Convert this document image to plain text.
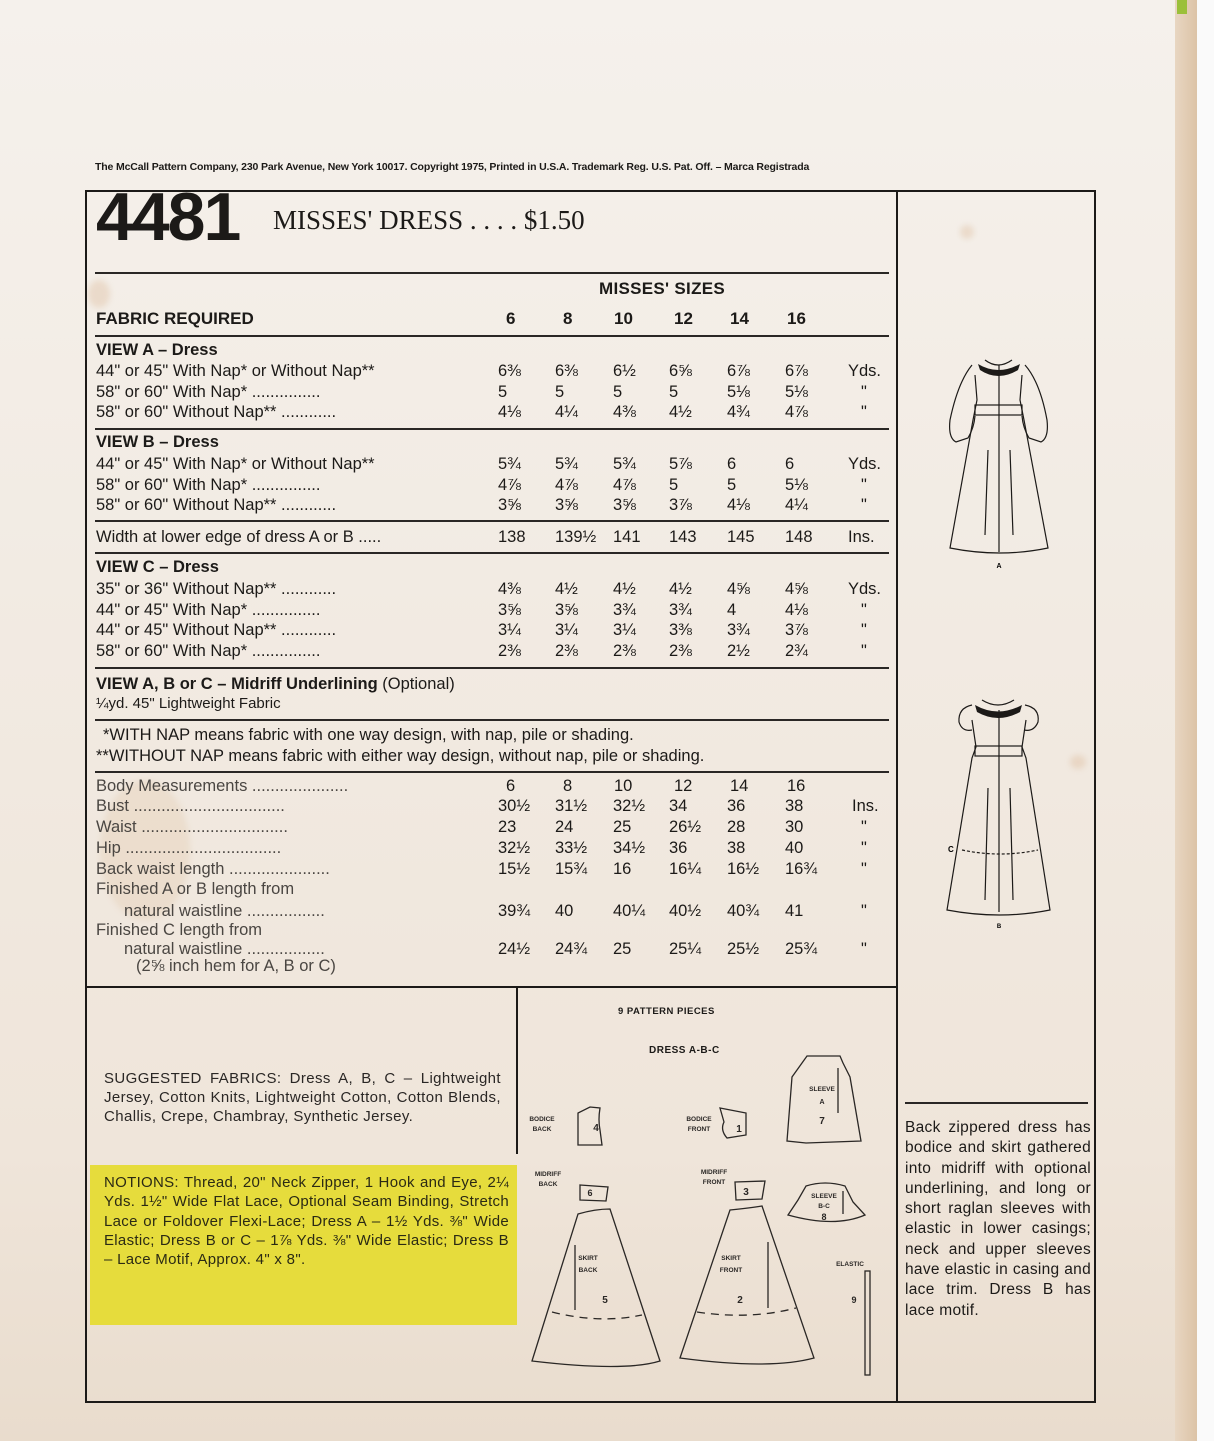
The McCall Pattern Company, 230 Park Avenue, New York 10017. Copyright 1975, Printed in U.S.A. Trademark Reg. U.S. Pat. Off. – Marca Registrada
4481 MISSES' DRESS . . . . $1.50
MISSES' SIZES
FABRIC REQUIRED	6	8	10	12	14	16
VIEW A – Dress
44" or 45" With Nap* or Without Nap**	6⅜	6⅜	6½	6⅝	6⅞	6⅞	Yds.
58" or 60" With Nap* ...............	5	5	5	5	5⅛	5⅛	"
58" or 60" Without Nap** ............	4⅛	4¼	4⅜	4½	4¾	4⅞	"
VIEW B – Dress
44" or 45" With Nap* or Without Nap**	5¾	5¾	5¾	5⅞	6	6	Yds.
58" or 60" With Nap* ...............	4⅞	4⅞	4⅞	5	5	5⅛	"
58" or 60" Without Nap** ............	3⅝	3⅝	3⅝	3⅞	4⅛	4¼	"
Width at lower edge of dress A or B .....	138	139½	141	143	145	148	Ins.
VIEW C – Dress
35" or 36" Without Nap** ............	4⅜	4½	4½	4½	4⅝	4⅝	Yds.
44" or 45" With Nap* ...............	3⅝	3⅝	3¾	3¾	4	4⅛	"
44" or 45" Without Nap** ............	3¼	3¼	3¼	3⅜	3¾	3⅞	"
58" or 60" With Nap* ...............	2⅜	2⅜	2⅜	2⅜	2½	2¾	"
VIEW A, B or C – Midriff Underlining (Optional)
¼yd. 45" Lightweight Fabric
*WITH NAP means fabric with one way design, with nap, pile or shading.
**WITHOUT NAP means fabric with either way design, without nap, pile or shading.
Body Measurements .....................	6	8	10	12	14	16
Bust .................................	30½	31½	32½	34	36	38	Ins.
Waist ................................	23	24	25	26½	28	30	"
Hip ..................................	32½	33½	34½	36	38	40	"
Back waist length ......................	15½	15¾	16	16¼	16½	16¾	"
Finished A or B length from
natural waistline .................	39¾	40	40¼	40½	40¾	41	"
Finished C length from
natural waistline .................	24½	24¾	25	25¼	25½	25¾	"
(2⅝ inch hem for A, B or C)
SUGGESTED FABRICS: Dress A, B, C – Lightweight Jersey, Cotton Knits, Lightweight Cotton, Cotton Blends, Challis, Crepe, Chambray, Synthetic Jersey.
NOTIONS: Thread, 20" Neck Zipper, 1 Hook and Eye, 2¼ Yds. 1½" Wide Flat Lace, Optional Seam Binding, Stretch Lace or Foldover Flexi-Lace; Dress A – 1½ Yds. ⅜" Wide Elastic; Dress B or C – 1⅞ Yds. ⅜" Wide Elastic; Dress B – Lace Motif, Approx. 4" x 8".
9 PATTERN PIECES
DRESS A-B-C
BODICE
BACK	4
BODICE
FRONT	1
SLEEVE
A
7
MIDRIFF
BACK
6
MIDRIFF
FRONT
3	SLEEVE
B-C
8
SKIRT
BACK
5
SKIRT
FRONT
2
ELASTIC
9
A
C
B
Back zippered dress has bodice and skirt gathered into midriff with optional underlining, and long or short raglan sleeves with elastic in lower casings; neck and upper sleeves have elastic in casing and lace trim. Dress B has lace motif.
